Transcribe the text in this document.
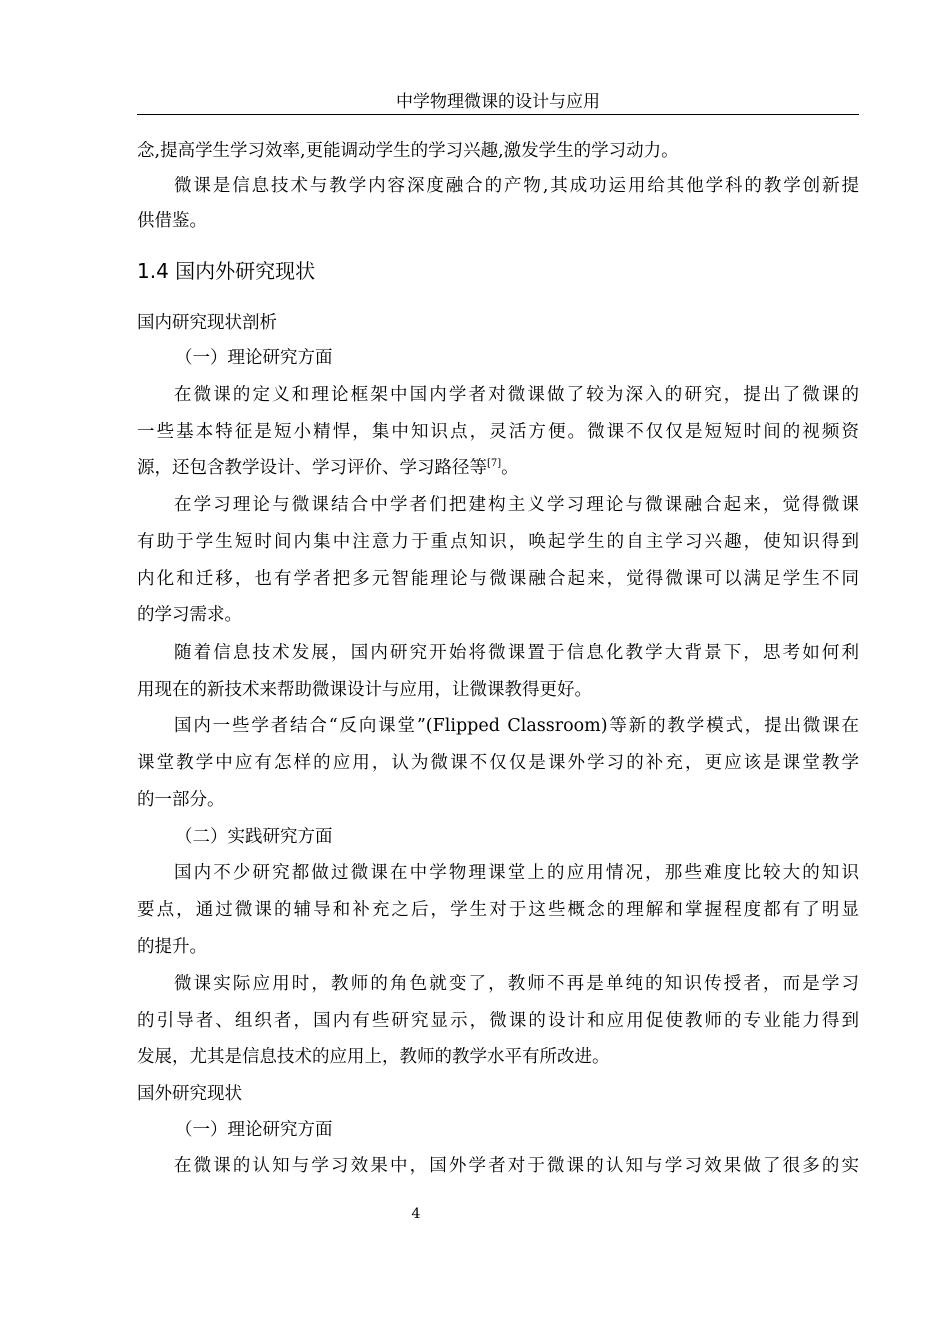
中学物理微课的设计与应用
念,提高学生学习效率,更能调动学生的学习兴趣,激发学生的学习动力。
微课是信息技术与教学内容深度融合的产物,其成功运用给其他学科的教学创新提
供借鉴。
1.4 国内外研究现状
国内研究现状剖析
（一）理论研究方面
在微课的定义和理论框架中国内学者对微课做了较为深入的研究，提出了微课的
一些基本特征是短小精悍，集中知识点，灵活方便。微课不仅仅是短短时间的视频资
源，还包含教学设计、学习评价、学习路径等[7]。
在学习理论与微课结合中学者们把建构主义学习理论与微课融合起来，觉得微课
有助于学生短时间内集中注意力于重点知识，唤起学生的自主学习兴趣，使知识得到
内化和迁移，也有学者把多元智能理论与微课融合起来，觉得微课可以满足学生不同
的学习需求。
随着信息技术发展，国内研究开始将微课置于信息化教学大背景下，思考如何利
用现在的新技术来帮助微课设计与应用，让微课教得更好。
国内一些学者结合“反向课堂”(Flipped Classroom)等新的教学模式，提出微课在
课堂教学中应有怎样的应用，认为微课不仅仅是课外学习的补充，更应该是课堂教学
的一部分。
（二）实践研究方面
国内不少研究都做过微课在中学物理课堂上的应用情况，那些难度比较大的知识
要点，通过微课的辅导和补充之后，学生对于这些概念的理解和掌握程度都有了明显
的提升。
微课实际应用时，教师的角色就变了，教师不再是单纯的知识传授者，而是学习
的引导者、组织者，国内有些研究显示，微课的设计和应用促使教师的专业能力得到
发展，尤其是信息技术的应用上，教师的教学水平有所改进。
国外研究现状
（一）理论研究方面
在微课的认知与学习效果中，国外学者对于微课的认知与学习效果做了很多的实
4
